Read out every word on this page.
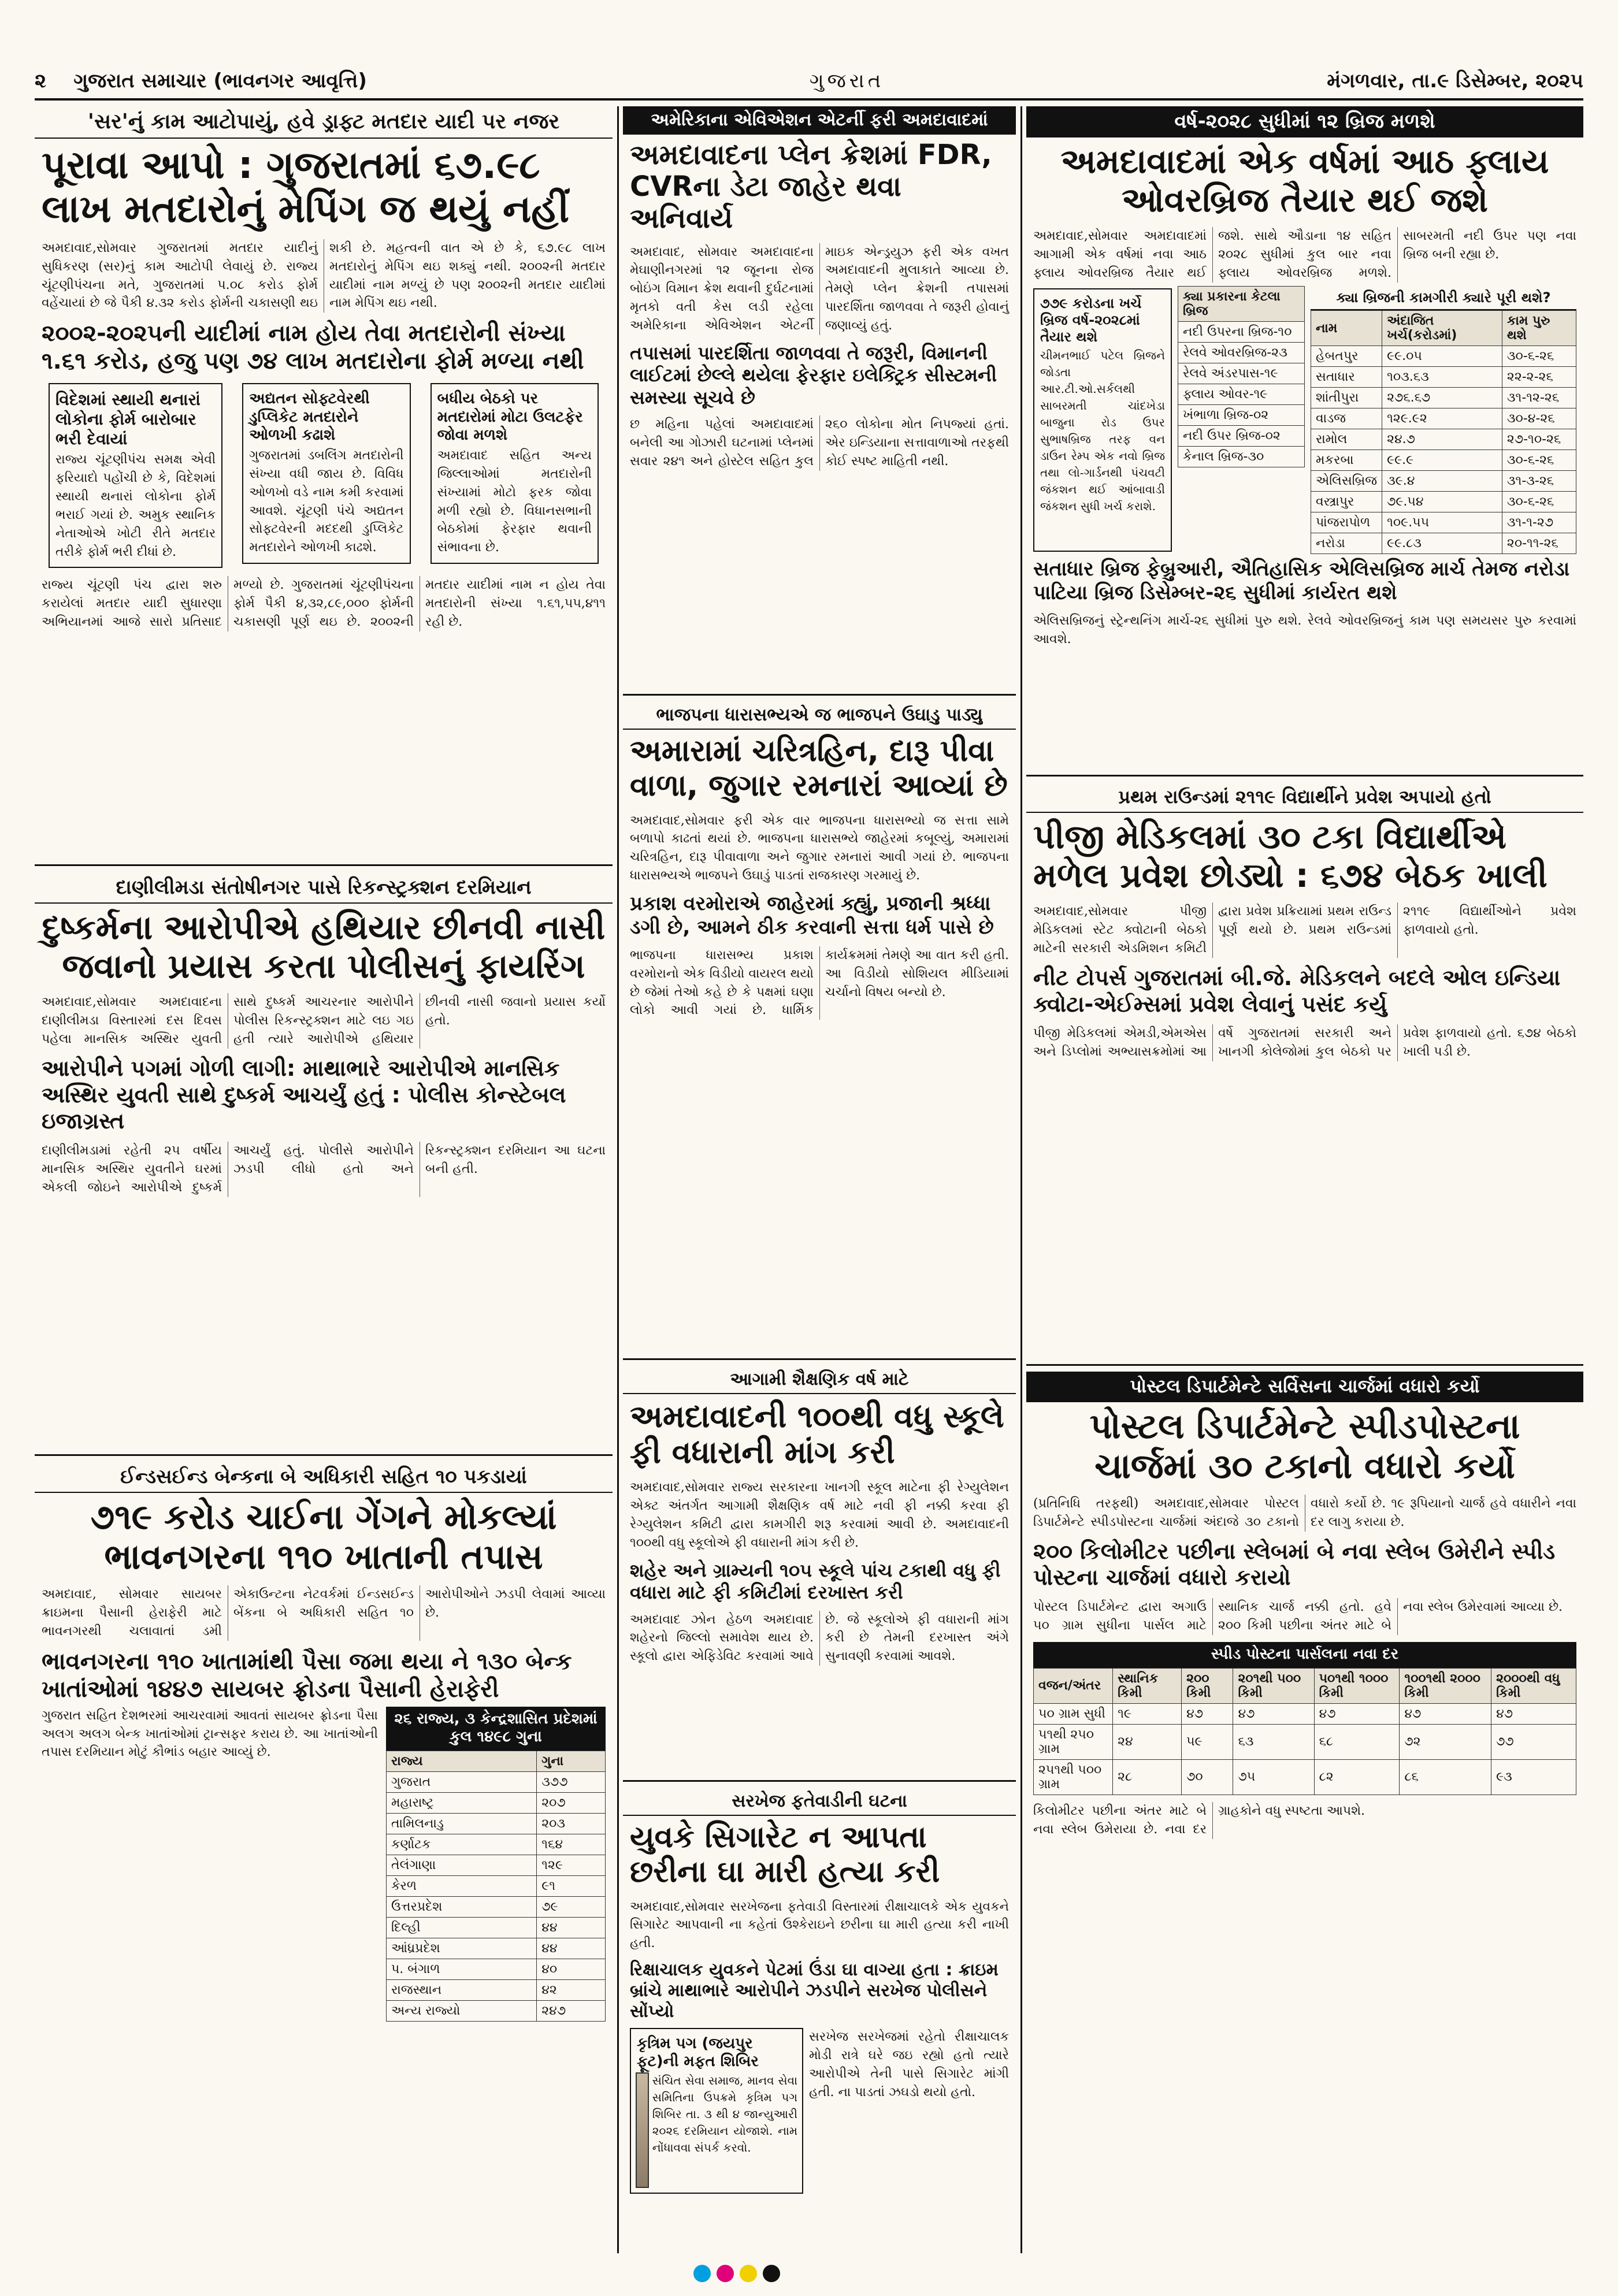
૨ ગુજરાત સમાચાર (ભાવનગર આવૃત્તિ)	ગુજરાત	મંગળવાર, તા.૯ ડિસેમ્બર, ૨૦૨૫
'સર'નું કામ આટોપાયું, હવે ડ્રાફ્ટ મતદાર યાદી પર નજર
પૂરાવા આપો : ગુજરાતમાં ૬૭.૯૮ લાખ મતદારોનું મેપિંગ જ થયું નહીં
અમદાવાદ,સોમવાર ગુજરાતમાં મતદાર યાદીનું સુધિકરણ (સર)નું કામ આટોપી લેવાયું છે. રાજ્ય ચૂંટણીપંચના મતે, ગુજરાતમાં પ.૦૮ કરોડ ફોર્મ વહેંચાયાં છે જે પૈકી ૪.૩૨ કરોડ ફોર્મની ચકાસણી થઇ શકી છે. મહત્વની વાત એ છે કે, ૬૭.૯૮ લાખ મતદારોનું મેપિંગ થઇ શક્યું નથી. ૨૦૦૨ની મતદાર યાદીમાં નામ મળ્યું છે પણ ૨૦૦૨ની મતદાર યાદીમાં નામ મેપિંગ થઇ નથી.
૨૦૦૨-૨૦૨૫ની યાદીમાં નામ હોય તેવા મતદારોની સંખ્યા ૧.૬૧ કરોડ, હજુ પણ ૭૪ લાખ મતદારોના ફોર્મ મળ્યા નથી
વિદેશમાં સ્થાયી થનારાં લોકોના ફોર્મ બારોબાર ભરી દેવાયાં
રાજ્ય ચૂંટણીપંચ સમક્ષ એવી ફરિયાદો પહોંચી છે કે, વિદેશમાં સ્થાયી થનારાં લોકોના ફોર્મ ભરાઈ ગયાં છે. અમુક સ્થાનિક નેતાઓએ ખોટી રીતે મતદાર તરીકે ફોર્મ ભરી દીધાં છે.
અદ્યતન સોફ્ટવેરથી ડુપ્લિકેટ મતદારોને ઓળખી કઢાશે
ગુજરાતમાં ડબલિંગ મતદારોની સંખ્યા વધી જાય છે. વિવિધ ઓળખો વડે નામ કમી કરવામાં આવશે. ચૂંટણી પંચે અદ્યતન સોફ્ટવેરની મદદથી ડુપ્લિકેટ મતદારોને ઓળખી કાઢશે.
બધીય બેઠકો પર મતદારોમાં મોટા ઉલટફેર જોવા મળશે
અમદાવાદ સહિત અન્ય જિલ્લાઓમાં મતદારોની સંખ્યામાં મોટો ફરક જોવા મળી રહ્યો છે. વિધાનસભાની બેઠકોમાં ફેરફાર થવાની સંભાવના છે.
રાજ્ય ચૂંટણી પંચ દ્વારા શરુ કરાયેલાં મતદાર યાદી સુધારણા અભિયાનમાં આજે સારો પ્રતિસાદ મળ્યો છે. ગુજરાતમાં ચૂંટણીપંચના ફોર્મ પૈકી ૪,૩૨,૮૯,૦૦૦ ફોર્મની ચકાસણી પૂર્ણ થઇ છે. ૨૦૦૨ની મતદાર યાદીમાં નામ ન હોય તેવા મતદારોની સંખ્યા ૧.૬૧,૫૫,૪૧૧ રહી છે.
દાણીલીમડા સંતોષીનગર પાસે રિકન્સ્ટ્રક્શન દરમિયાન
દુષ્કર્મના આરોપીએ હથિયાર છીનવી નાસી જવાનો પ્રયાસ કરતા પોલીસનું ફાયરિંગ
અમદાવાદ,સોમવાર અમદાવાદના દાણીલીમડા વિસ્તારમાં દસ દિવસ પહેલા માનસિક અસ્થિર યુવતી સાથે દુષ્કર્મ આચરનાર આરોપીને પોલીસ રિકન્સ્ટ્રક્શન માટે લઇ ગઇ હતી ત્યારે આરોપીએ હથિયાર છીનવી નાસી જવાનો પ્રયાસ કર્યો હતો.
આરોપીને પગમાં ગોળી લાગી: માથાભારે આરોપીએ માનસિક અસ્થિર યુવતી સાથે દુષ્કર્મ આચર્યું હતું : પોલીસ કોન્સ્ટેબલ ઇજાગ્રસ્ત
દાણીલીમડામાં રહેતી ૨૫ વર્ષીય માનસિક અસ્થિર યુવતીને ઘરમાં એકલી જોઇને આરોપીએ દુષ્કર્મ આચર્યું હતું. પોલીસે આરોપીને ઝડપી લીધો હતો અને રિકન્સ્ટ્રક્શન દરમિયાન આ ઘટના બની હતી.
ઈન્ડસઈન્ડ બેન્કના બે અધિકારી સહિત ૧૦ પકડાયાં
૭૧૯ કરોડ ચાઈના ગેંગને મોકલ્યાં ભાવનગરના ૧૧૦ ખાતાની તપાસ
અમદાવાદ, સોમવાર સાયબર ક્રાઇમના પૈસાની હેરાફેરી માટે ભાવનગરથી ચલાવાતાં ડમી એકાઉન્ટના નેટવર્કમાં ઈન્ડસઈન્ડ બેંકના બે અધિકારી સહિત ૧૦ આરોપીઓને ઝડપી લેવામાં આવ્યા છે.
ભાવનગરના ૧૧૦ ખાતામાંથી પૈસા જમા થયા ને ૧૩૦ બેન્ક ખાતાંઓમાં ૧૪૪૭ સાયબર ફ્રોડના પૈસાની હેરાફેરી
ગુજરાત સહિત દેશભરમાં આચરવામાં આવતાં સાયબર ફ્રોડના પૈસા અલગ અલગ બેન્ક ખાતાંઓમાં ટ્રાન્સફર કરાય છે. આ ખાતાંઓની તપાસ દરમિયાન મોટું કૌભાંડ બહાર આવ્યું છે.
૨૬ રાજ્ય, ૩ કેન્દ્રશાસિત પ્રદેશમાં કુલ ૧૪૯૮ ગુના
રાજ્ય	ગુના
ગુજરાત	૩૭૭
મહારાષ્ટ્ર	૨૦૭
તામિલનાડુ	૨૦૩
કર્ણાટક	૧૬૪
તેલંગાણા	૧૨૯
કેરળ	૯૧
ઉત્તરપ્રદેશ	૭૯
દિલ્હી	૪૪
આંધ્રપ્રદેશ	૪૪
પ. બંગાળ	૪૦
રાજસ્થાન	૪૨
અન્ય રાજ્યો	૨૪૭
અમેરિકાના એવિએશન એટર્ની ફરી અમદાવાદમાં
અમદાવાદના પ્લેન ક્રેશમાં FDR, CVRના ડેટા જાહેર થવા અનિવાર્ય
અમદાવાદ, સોમવાર અમદાવાદના મેઘાણીનગરમાં ૧૨ જૂનના રોજ બોઇંગ વિમાન ક્રેશ થવાની દુર્ઘટનામાં મૃતકો વતી કેસ લડી રહેલા અમેરિકાના એવિએશન એટર્ની માઇક એન્ડ્રયુઝ ફરી એક વખત અમદાવાદની મુલાકાતે આવ્યા છે. તેમણે પ્લેન ક્રેશની તપાસમાં પારદર્શિતા જાળવવા તે જરૂરી હોવાનું જણાવ્યું હતું.
તપાસમાં પારદર્શિતા જાળવવા તે જરૂરી, વિમાનની લાઈટમાં છેલ્લે થયેલા ફેરફાર ઇલેક્ટ્રિક સીસ્ટમની સમસ્યા સૂચવે છે
છ મહિના પહેલાં અમદાવાદમાં બનેલી આ ગોઝારી ઘટનામાં પ્લેનમાં સવાર ૨૪૧ અને હોસ્ટેલ સહિત કુલ ૨૬૦ લોકોના મોત નિપજ્યાં હતાં. એર ઇન્ડિયાના સત્તાવાળાઓ તરફથી કોઈ સ્પષ્ટ માહિતી નથી.
ભાજપના ધારાસભ્યએ જ ભાજપને ઉઘાડુ પાડ્યુ
અમારામાં ચરિત્રહિન, દારૂ પીવા વાળા, જુગાર રમનારાં આવ્યાં છે
અમદાવાદ,સોમવાર ફરી એક વાર ભાજપના ધારાસભ્યો જ સત્તા સામે બળાપો કાઢતાં થયાં છે. ભાજપના ધારાસભ્યે જાહેરમાં કબૂલ્યું, અમારામાં ચરિત્રહિન, દારૂ પીવાવાળા અને જુગાર રમનારાં આવી ગયાં છે. ભાજપના ધારાસભ્યએ ભાજપને ઉઘાડું પાડતાં રાજકારણ ગરમાયું છે.
પ્રકાશ વરમોરાએ જાહેરમાં ક્હ્યું, પ્રજાની શ્રધ્ધા ડગી છે, આમને ઠીક કરવાની સત્તા ધર્મ પાસે છે
ભાજપના ધારાસભ્ય પ્રકાશ વરમોરાનો એક વિડીયો વાયરલ થયો છે જેમાં તેઓ કહે છે કે પક્ષમાં ઘણા લોકો આવી ગયાં છે. ધાર્મિક કાર્યક્રમમાં તેમણે આ વાત કરી હતી. આ વિડીયો સોશિયલ મીડિયામાં ચર્ચાનો વિષય બન્યો છે.
આગામી શૈક્ષણિક વર્ષ માટે
અમદાવાદની ૧૦૦થી વધુ સ્કૂલે ફી વધારાની માંગ કરી
અમદાવાદ,સોમવાર રાજ્ય સરકારના ખાનગી સ્કૂલ માટેના ફી રેગ્યુલેશન એક્ટ અંતર્ગત આગામી શૈક્ષણિક વર્ષ માટે નવી ફી નક્કી કરવા ફી રેગ્યુલેશન કમિટી દ્વારા કામગીરી શરૂ કરવામાં આવી છે. અમદાવાદની ૧૦૦થી વધુ સ્કૂલોએ ફી વધારાની માંગ કરી છે.
શહેર અને ગ્રામ્યની ૧૦૫ સ્કૂલે પાંચ ટકાથી વધુ ફી વધારા માટે ફી કમિટીમાં દરખાસ્ત કરી
અમદાવાદ ઝોન હેઠળ અમદાવાદ શહેરનો જિલ્લો સમાવેશ થાય છે. સ્કૂલો દ્વારા એફિડેવિટ કરવામાં આવે છે. જે સ્કૂલોએ ફી વધારાની માંગ કરી છે તેમની દરખાસ્ત અંગે સુનાવણી કરવામાં આવશે.
સરખેજ ફતેવાડીની ઘટના
યુવકે સિગારેટ ન આપતા છરીના ઘા મારી હત્યા કરી
અમદાવાદ,સોમવાર સરખેજના ફતેવાડી વિસ્તારમાં રીક્ષાચાલકે એક યુવકને સિગારેટ આપવાની ના કહેતાં ઉશ્કેરાઇને છરીના ઘા મારી હત્યા કરી નાખી હતી.
રિક્ષાચાલક યુવકને પેટમાં ઉંડા ઘા વાગ્યા હતા : ક્રાઇમ બ્રાંચે માથાભારે આરોપીને ઝડપીને સરખેજ પોલીસને સોંપ્યો
કૃત્રિમ પગ (જયપુર ફૂટ)ની મફત શિબિર
સંચિત સેવા સમાજ, માનવ સેવા સમિતિના ઉપક્રમે કૃત્રિમ પગ શિબિર તા. ૩ થી ૪ જાન્યુઆરી ૨૦૨૬ દરમિયાન યોજાશે. નામ નોંધાવવા સંપર્ક કરવો.
સરખેજ સરખેજમાં રહેતો રીક્ષાચાલક મોડી રાત્રે ઘરે જઇ રહ્યો હતો ત્યારે આરોપીએ તેની પાસે સિગારેટ માંગી હતી. ના પાડતાં ઝઘડો થયો હતો.
વર્ષ-૨૦૨૮ સુધીમાં ૧૨ બ્રિજ મળશે
અમદાવાદમાં એક વર્ષમાં આઠ ફ્લાય ઓવરબ્રિજ તૈયાર થઈ જશે
અમદાવાદ,સોમવાર અમદાવાદમાં આગામી એક વર્ષમાં નવા આઠ ફ્લાય ઓવરબ્રિજ તૈયાર થઈ જશે. સાથે ઔડાના ૧૪ સહિત ૨૦૨૮ સુધીમાં કુલ બાર નવા ફ્લાય ઓવરબ્રિજ મળશે. સાબરમતી નદી ઉપર પણ નવા બ્રિજ બની રહ્યા છે.
૭૭૯ કરોડના ખર્ચે બ્રિજ વર્ષ-૨૦૨૮માં તૈયાર થશે
ચીમનભાઈ પટેલ બ્રિજને જોડતા આર.ટી.ઓ.સર્કલથી સાબરમતી ચાંદખેડા બાજુના રોડ ઉપર સુભાષબ્રિજ તરફ વન ડાઉન રેમ્પ એક નવો બ્રિજ તથા લો-ગાર્ડનથી પંચવટી જંકશન થઈ આંબાવાડી જંકશન સુધી ખર્ચ કરાશે.
ક્યા પ્રકારના કેટલા બ્રિજ
નદી ઉપરના બ્રિજ-૧૦
રેલવે ઓવરબ્રિજ-૨૩
રેલવે અંડરપાસ-૧૯
ફ્લાય ઓવર-૧૯
ખંભાળા બ્રિજ-૦૨
નદી ઉપર બ્રિજ-૦૨
કેનાલ બ્રિજ-૩૦
ક્યા બ્રિજની કામગીરી ક્યારે પૂરી થશે?
નામ	અંદાજિત ખર્ચ(કરોડમાં)	કામ પુરુ થશે
હેબતપુર	૯૯.૦૫	૩૦-૬-૨૬
સતાધાર	૧૦૩.૬૩	૨૨-૨-૨૬
શાંતીપુરા	૨૭૬.૬૭	૩૧-૧૨-૨૬
વાડજ	૧૨૯.૯૨	૩૦-૪-૨૬
રામોલ	૨૪.૭	૨૭-૧૦-૨૬
મકરબા	૯૯.૯	૩૦-૬-૨૬
એલિસબ્રિજ	૩૯.૪	૩૧-૩-૨૬
વસ્ત્રાપુર	૭૯.૫૪	૩૦-૬-૨૬
પાંજરાપોળ	૧૦૯.૫૫	૩૧-૧-૨૭
નરોડા	૯૯.૮૩	૨૦-૧૧-૨૬
સતાધાર બ્રિજ ફેબ્રુઆરી, ઐતિહાસિક એલિસબ્રિજ માર્ચ તેમજ નરોડા પાટિયા બ્રિજ ડિસેમ્બર-૨૬ સુધીમાં કાર્યરત થશે
એલિસબ્રિજનું સ્ટ્રેન્થનિંગ માર્ચ-૨૬ સુધીમાં પુરુ થશે. રેલવે ઓવરબ્રિજનું કામ પણ સમયસર પુરુ કરવામાં આવશે.
પ્રથમ રાઉન્ડમાં ૨૧૧૯ વિદ્યાર્થીને પ્રવેશ અપાયો હતો
પીજી મેડિકલમાં ૩૦ ટકા વિદ્યાર્થીએ મળેલ પ્રવેશ છોડ્યો : ૬૭૪ બેઠક ખાલી
અમદાવાદ,સોમવાર પીજી મેડિકલમાં સ્ટેટ ક્વોટાની બેઠકો માટેની સરકારી એડમિશન કમિટી દ્વારા પ્રવેશ પ્રક્રિયામાં પ્રથમ રાઉન્ડ પૂર્ણ થયો છે. પ્રથમ રાઉન્ડમાં ૨૧૧૯ વિદ્યાર્થીઓને પ્રવેશ ફાળવાયો હતો.
નીટ ટોપર્સ ગુજરાતમાં બી.જે. મેડિકલને બદલે ઓલ ઇન્ડિયા ક્વોટા-એઈમ્સમાં પ્રવેશ લેવાનું પસંદ કર્યુ
પીજી મેડિકલમાં એમડી,એમએસ અને ડિપ્લોમાં અભ્યાસક્રમોમાં આ વર્ષે ગુજરાતમાં સરકારી અને ખાનગી કોલેજોમાં કુલ બેઠકો પર પ્રવેશ ફાળવાયો હતો. ૬૭૪ બેઠકો ખાલી પડી છે.
પોસ્ટલ ડિપાર્ટમેન્ટે સર્વિસના ચાર્જમાં વધારો કર્યો
પોસ્ટલ ડિપાર્ટમેન્ટે સ્પીડપોસ્ટના ચાર્જમાં ૩૦ ટકાનો વધારો કર્યો
(પ્રતિનિધિ તરફથી) અમદાવાદ,સોમવાર પોસ્ટલ ડિપાર્ટમેન્ટે સ્પીડપોસ્ટના ચાર્જમાં અંદાજે ૩૦ ટકાનો વધારો કર્યો છે. ૧૯ રૂપિયાનો ચાર્જ હવે વધારીને નવા દર લાગુ કરાયા છે.
૨૦૦ કિલોમીટર પછીના સ્લેબમાં બે નવા સ્લેબ ઉમેરીને સ્પીડ પોસ્ટના ચાર્જમાં વધારો કરાયો
પોસ્ટલ ડિપાર્ટમેન્ટ દ્વારા અગાઉ ૫૦ ગ્રામ સુધીના પાર્સલ માટે સ્થાનિક ચાર્જ નક્કી હતો. હવે ૨૦૦ કિમી પછીના અંતર માટે બે નવા સ્લેબ ઉમેરવામાં આવ્યા છે.
સ્પીડ પોસ્ટના પાર્સલના નવા દર
વજન/અંતર	સ્થાનિક કિમી	૨૦૦ કિમી	૨૦૧થી ૫૦૦ કિમી	૫૦૧થી ૧૦૦૦ કિમી	૧૦૦૧થી ૨૦૦૦ કિમી	૨૦૦૦થી વધુ કિમી
૫૦ ગ્રામ સુધી	૧૯	૪૭	૪૭	૪૭	૪૭	૪૭
૫૧થી ૨૫૦ ગ્રામ	૨૪	૫૯	૬૩	૬૮	૭૨	૭૭
૨૫૧થી ૫૦૦ ગ્રામ	૨૮	૭૦	૭૫	૮૨	૮૬	૯૩
કિલોમીટર પછીના અંતર માટે બે નવા સ્લેબ ઉમેરાયા છે. નવા દર ગ્રાહકોને વધુ સ્પષ્ટતા આપશે.
